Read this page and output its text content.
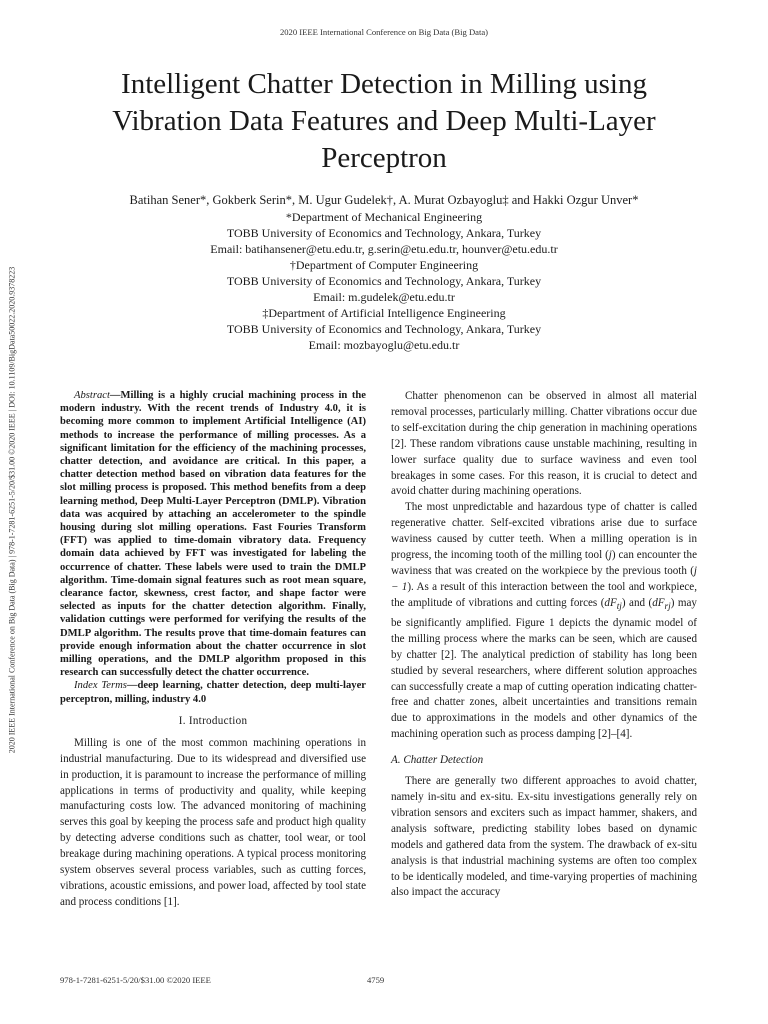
2020 IEEE International Conference on Big Data (Big Data)
2020 IEEE International Conference on Big Data (Big Data) | 978-1-7281-6251-5/20/$31.00 ©2020 IEEE | DOI: 10.1109/BigData50022.2020.9378223
Intelligent Chatter Detection in Milling using
Vibration Data Features and Deep Multi-Layer
Perceptron
Batihan Sener*, Gokberk Serin*, M. Ugur Gudelek†, A. Murat Ozbayoglu‡ and Hakki Ozgur Unver*
*Department of Mechanical Engineering
TOBB University of Economics and Technology, Ankara, Turkey
Email: batihansener@etu.edu.tr, g.serin@etu.edu.tr, hounver@etu.edu.tr
†Department of Computer Engineering
TOBB University of Economics and Technology, Ankara, Turkey
Email: m.gudelek@etu.edu.tr
‡Department of Artificial Intelligence Engineering
TOBB University of Economics and Technology, Ankara, Turkey
Email: mozbayoglu@etu.edu.tr

Abstract—Milling is a highly crucial machining process in the modern industry. With the recent trends of Industry 4.0, it is becoming more common to implement Artificial Intelligence (AI) methods to increase the performance of milling processes. As a significant limitation for the efficiency of the machining processes, chatter detection, and avoidance are critical. In this paper, a chatter detection method based on vibration data features for the slot milling process is proposed. This method benefits from a deep learning method, Deep Multi-Layer Perceptron (DMLP). Vibration data was acquired by attaching an accelerometer to the spindle housing during slot milling operations. Fast Fouries Transform (FFT) was applied to time-domain vibratory data. Frequency domain data achieved by FFT was investigated for labeling the occurrence of chatter. These labels were used to train the DMLP algorithm. Time-domain signal features such as root mean square, clearance factor, skewness, crest factor, and shape factor were selected as inputs for the chatter detection algorithm. Finally, validation cuttings were performed for verifying the results of the DMLP algorithm. The results prove that time-domain features can provide enough information about the chatter occurrence in slot milling operations, and the DMLP algorithm proposed in this research can successfully detect the chatter occurrence.

Index Terms—deep learning, chatter detection, deep multi-layer perceptron, milling, industry 4.0

I. Introduction

Milling is one of the most common machining operations in industrial manufacturing. Due to its widespread and diversified use in production, it is paramount to increase the performance of milling applications in terms of productivity and quality, while keeping manufacturing costs low. The advanced monitoring of machining serves this goal by keeping the process safe and product high quality by detecting adverse conditions such as chatter, tool wear, or tool breakage during machining operations. A typical process monitoring system observes several process variables, such as cutting forces, vibrations, acoustic emissions, and power load, affected by tool state and process conditions [1].

Chatter phenomenon can be observed in almost all material removal processes, particularly milling. Chatter vibrations occur due to self-excitation during the chip generation in machining operations [2]. These random vibrations cause unstable machining, resulting in lower surface quality due to surface waviness and even tool breakages in some cases. For this reason, it is crucial to detect and avoid chatter during machining operations.

The most unpredictable and hazardous type of chatter is called regenerative chatter. Self-excited vibrations arise due to surface waviness caused by cutter teeth. When a milling operation is in progress, the incoming tooth of the milling tool (j) can encounter the waviness that was created on the workpiece by the previous tooth (j − 1). As a result of this interaction between the tool and workpiece, the amplitude of vibrations and cutting forces $(dF_{tj})$ and $(dF_{rj})$ may be significantly amplified. Figure 1 depicts the dynamic model of the milling process where the marks can be seen, which are caused by chatter [2]. The analytical prediction of stability has long been studied by several researchers, where different solution approaches can successfully create a map of cutting operation indicating chatter-free and chatter zones, albeit uncertainties and transitions remain due to approximations in the models and other dynamics of the machining operation such as process damping [2]–[4].

A. Chatter Detection

There are generally two different approaches to avoid chatter, namely in-situ and ex-situ. Ex-situ investigations generally rely on vibration sensors and exciters such as impact hammer, shakers, and analysis software, predicting stability lobes based on dynamic models and gathered data from the system. The drawback of ex-situ analysis is that industrial machining systems are often too complex to be identically modeled, and time-varying properties of machining also impact the accuracy

978-1-7281-6251-5/20/$31.00 ©2020 IEEE	4759
